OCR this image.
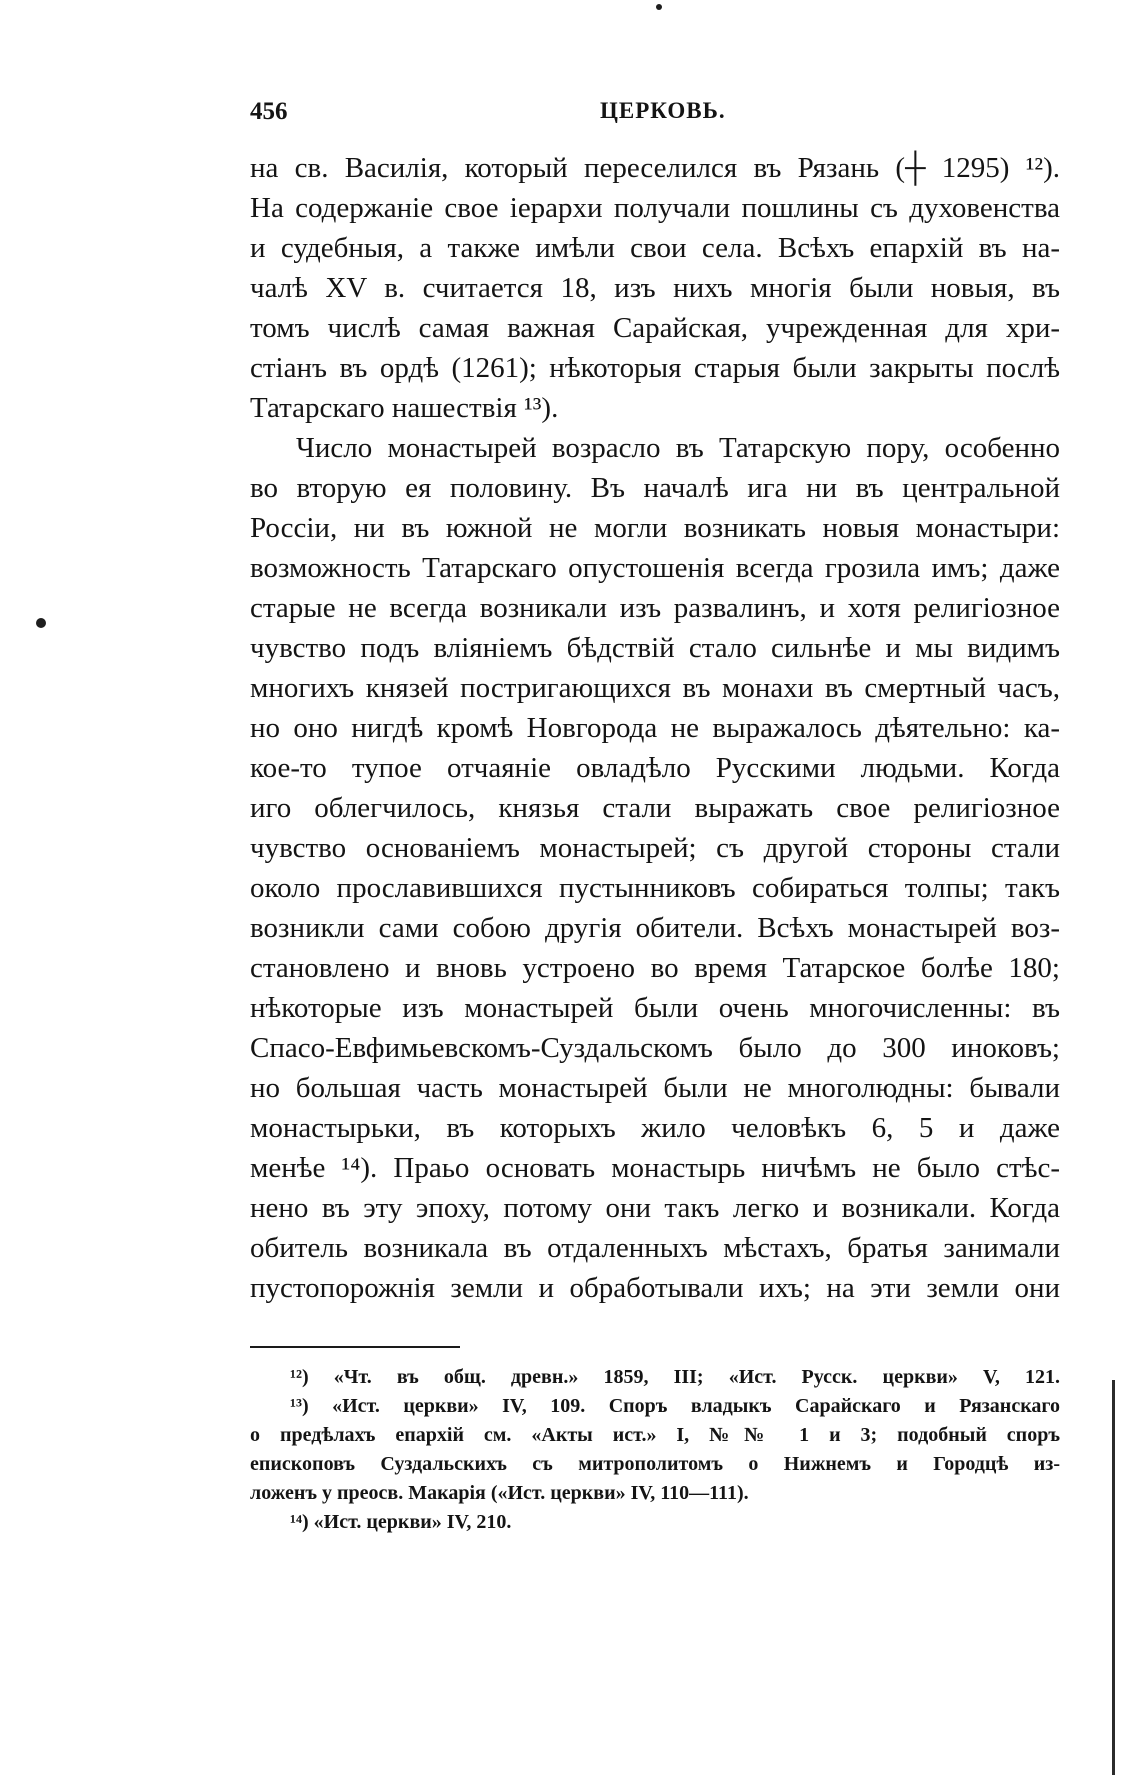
456	ЦЕРКОВЬ.
на св. Василія, который переселился въ Рязань (┼ 1295) ¹²).
На содержаніе свое іерархи получали пошлины съ духовенства
и судебныя, а также имѣли свои села. Всѣхъ епархій въ на-
чалѣ XV в. считается 18, изъ нихъ многія были новыя, въ
томъ числѣ самая важная Сарайская, учрежденная для хри-
стіанъ въ ордѣ (1261); нѣкоторыя старыя были закрыты послѣ
Татарскаго нашествія ¹³).
Число монастырей возрасло въ Татарскую пору, особенно
во вторую ея половину. Въ началѣ ига ни въ центральной
Россіи, ни въ южной не могли возникать новыя монастыри:
возможность Татарскаго опустошенія всегда грозила имъ; даже
старые не всегда возникали изъ развалинъ, и хотя религіозное
чувство подъ вліяніемъ бѣдствій стало сильнѣе и мы видимъ
многихъ князей постригающихся въ монахи въ смертный часъ,
но оно нигдѣ кромѣ Новгорода не выражалось дѣятельно: ка-
кое-то тупое отчаяніе овладѣло Русскими людьми. Когда
иго облегчилось, князья стали выражать свое религіозное
чувство основаніемъ монастырей; съ другой стороны стали
около прославившихся пустынниковъ собираться толпы; такъ
возникли сами собою другія обители. Всѣхъ монастырей воз-
становлено и вновь устроено во время Татарское болѣе 180;
нѣкоторые изъ монастырей были очень многочисленны: въ
Спасо-Евфимьевскомъ-Суздальскомъ было до 300 иноковъ;
но большая часть монастырей были не многолюдны: бывали
монастырьки, въ которыхъ жило человѣкъ 6, 5 и даже
менѣе ¹⁴). Праьо основать монастырь ничѣмъ не было стѣс-
нено въ эту эпоху, потому они такъ легко и возникали. Когда
обитель возникала въ отдаленныхъ мѣстахъ, братья занимали
пустопорожнія земли и обработывали ихъ; на эти земли они
¹²) «Чт. въ общ. древн.» 1859, III; «Ист. Русск. церкви» V, 121.
¹³) «Ист. церкви» IV, 109. Споръ владыкъ Сарайскаго и Рязанскаго
о предѣлахъ епархій см. «Акты ист.» I, №№ 1 и 3; подобный споръ
епископовъ Суздальскихъ съ митрополитомъ о Нижнемъ и Городцѣ из-
ложенъ у преосв. Макарія («Ист. церкви» IV, 110—111).
¹⁴) «Ист. церкви» IV, 210.
